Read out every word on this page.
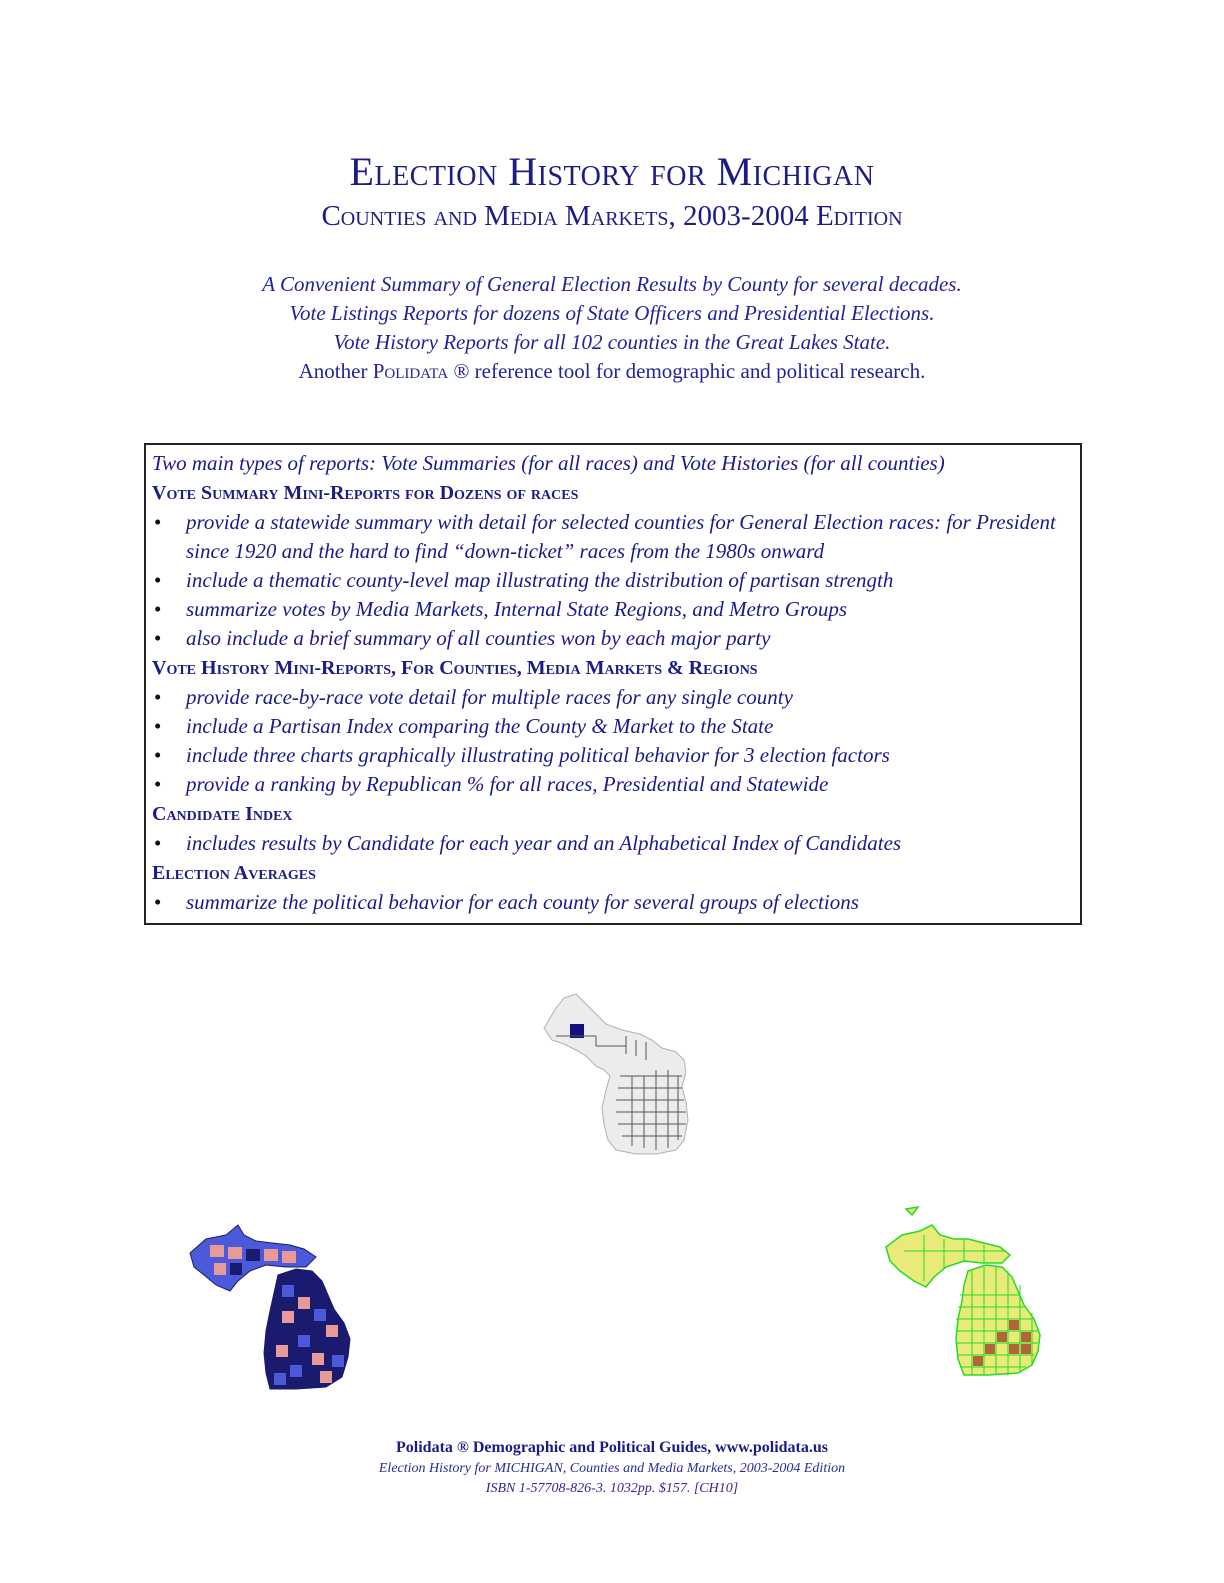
Election History for Michigan
Counties and Media Markets, 2003-2004 Edition
A Convenient Summary of General Election Results by County for several decades.
Vote Listings Reports for dozens of State Officers and Presidential Elections.
Vote History Reports for all 102 counties in the Great Lakes State.
Another Polidata ® reference tool for demographic and political research.
Two main types of reports: Vote Summaries (for all races) and Vote Histories (for all counties)
Vote Summary Mini-Reports for Dozens of races
• provide a statewide summary with detail for selected counties for General Election races: for President since 1920 and the hard to find “down-ticket” races from the 1980s onward
• include a thematic county-level map illustrating the distribution of partisan strength
• summarize votes by Media Markets, Internal State Regions, and Metro Groups
• also include a brief summary of all counties won by each major party
Vote History Mini-Reports, For Counties, Media Markets & Regions
• provide race-by-race vote detail for multiple races for any single county
• include a Partisan Index comparing the County & Market to the State
• include three charts graphically illustrating political behavior for 3 election factors
• provide a ranking by Republican % for all races, Presidential and Statewide
Candidate Index
• includes results by Candidate for each year and an Alphabetical Index of Candidates
Election Averages
• summarize the political behavior for each county for several groups of elections
Polidata ® Demographic and Political Guides, www.polidata.us
Election History for MICHIGAN, Counties and Media Markets, 2003-2004 Edition
ISBN 1-57708-826-3. 1032pp. $157. [CH10]
